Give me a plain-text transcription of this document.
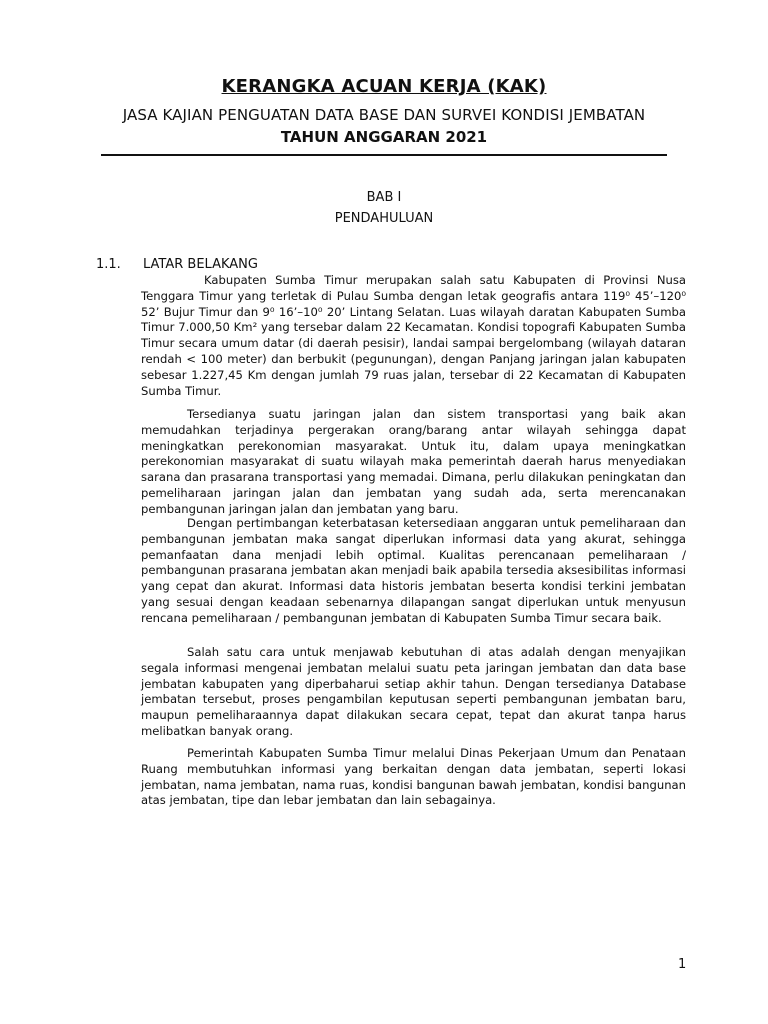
KERANGKA ACUAN KERJA (KAK)
JASA KAJIAN PENGUATAN DATA BASE DAN SURVEI KONDISI JEMBATAN
TAHUN ANGGARAN 2021
BAB I
PENDAHULUAN
1.1. LATAR BELAKANG

Kabupaten Sumba Timur merupakan salah satu Kabupaten di Provinsi Nusa Tenggara Timur yang terletak di Pulau Sumba dengan letak geografis antara 119⁰ 45’–120⁰ 52’ Bujur Timur dan 9⁰ 16’–10⁰ 20’ Lintang Selatan. Luas wilayah daratan Kabupaten Sumba Timur 7.000,50 Km² yang tersebar dalam 22 Kecamatan. Kondisi topografi Kabupaten Sumba Timur secara umum datar (di daerah pesisir), landai sampai bergelombang (wilayah dataran rendah < 100 meter) dan berbukit (pegunungan), dengan Panjang jaringan jalan kabupaten sebesar 1.227,45 Km dengan jumlah 79 ruas jalan, tersebar di 22 Kecamatan di Kabupaten Sumba Timur.

Tersedianya suatu jaringan jalan dan sistem transportasi yang baik akan memudahkan terjadinya pergerakan orang/barang antar wilayah sehingga dapat meningkatkan perekonomian masyarakat. Untuk itu, dalam upaya meningkatkan perekonomian masyarakat di suatu wilayah maka pemerintah daerah harus menyediakan sarana dan prasarana transportasi yang memadai. Dimana, perlu dilakukan peningkatan dan pemeliharaan jaringan jalan dan jembatan yang sudah ada, serta merencanakan pembangunan jaringan jalan dan jembatan yang baru.

Dengan pertimbangan keterbatasan ketersediaan anggaran untuk pemeliharaan dan pembangunan jembatan maka sangat diperlukan informasi data yang akurat, sehingga pemanfaatan dana menjadi lebih optimal. Kualitas perencanaan pemeliharaan / pembangunan prasarana jembatan akan menjadi baik apabila tersedia aksesibilitas informasi yang cepat dan akurat. Informasi data historis jembatan beserta kondisi terkini jembatan yang sesuai dengan keadaan sebenarnya dilapangan sangat diperlukan untuk menyusun rencana pemeliharaan / pembangunan jembatan di Kabupaten Sumba Timur secara baik.

Salah satu cara untuk menjawab kebutuhan di atas adalah dengan menyajikan segala informasi mengenai jembatan melalui suatu peta jaringan jembatan dan data base jembatan kabupaten yang diperbaharui setiap akhir tahun. Dengan tersedianya Database jembatan tersebut, proses pengambilan keputusan seperti pembangunan jembatan baru, maupun pemeliharaannya dapat dilakukan secara cepat, tepat dan akurat tanpa harus melibatkan banyak orang.

Pemerintah Kabupaten Sumba Timur melalui Dinas Pekerjaan Umum dan Penataan Ruang membutuhkan informasi yang berkaitan dengan data jembatan, seperti lokasi jembatan, nama jembatan, nama ruas, kondisi bangunan bawah jembatan, kondisi bangunan atas jembatan, tipe dan lebar jembatan dan lain sebagainya.

1
